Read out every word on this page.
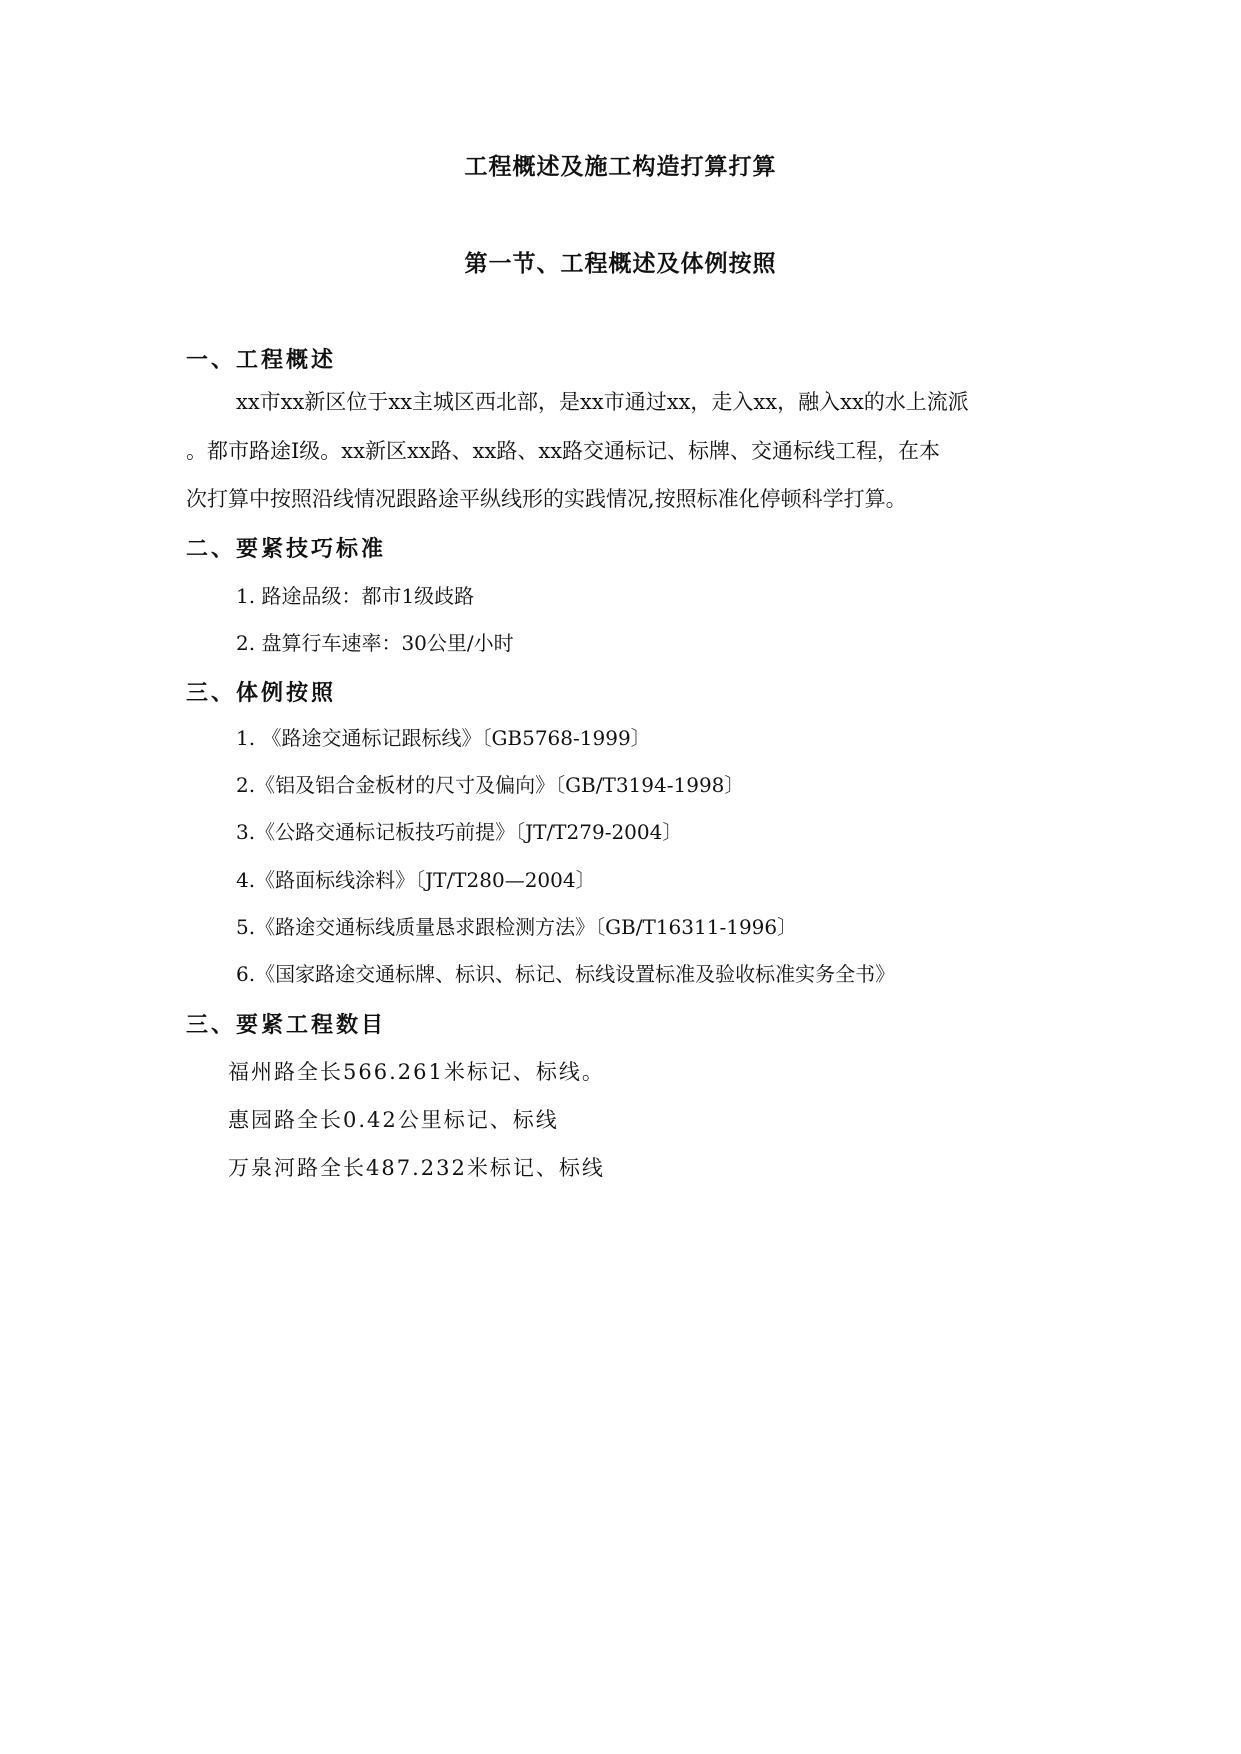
工程概述及施工构造打算打算
第一节、工程概述及体例按照
一、工程概述
xx市xx新区位于xx主城区西北部，是xx市通过xx，走入xx，融入xx的水上流派
。都市路途Ⅰ级。xx新区xx路、xx路、xx路交通标记、标牌、交通标线工程，在本
次打算中按照沿线情况跟路途平纵线形的实践情况,按照标准化停顿科学打算。
二、要紧技巧标准
1. 路途品级：都市1级歧路
2. 盘算行车速率：30公里/小时
三、体例按照
1. 《路途交通标记跟标线》〔GB5768-1999〕
2.《铝及铝合金板材的尺寸及偏向》〔GB/T3194-1998〕
3.《公路交通标记板技巧前提》〔JT/T279-2004〕
4.《路面标线涂料》〔JT/T280—2004〕
5.《路途交通标线质量恳求跟检测方法》〔GB/T16311-1996〕
6.《国家路途交通标牌、标识、标记、标线设置标准及验收标准实务全书》
三、要紧工程数目
福州路全长566.261米标记、标线。
惠园路全长0.42公里标记、标线
万泉河路全长487.232米标记、标线
